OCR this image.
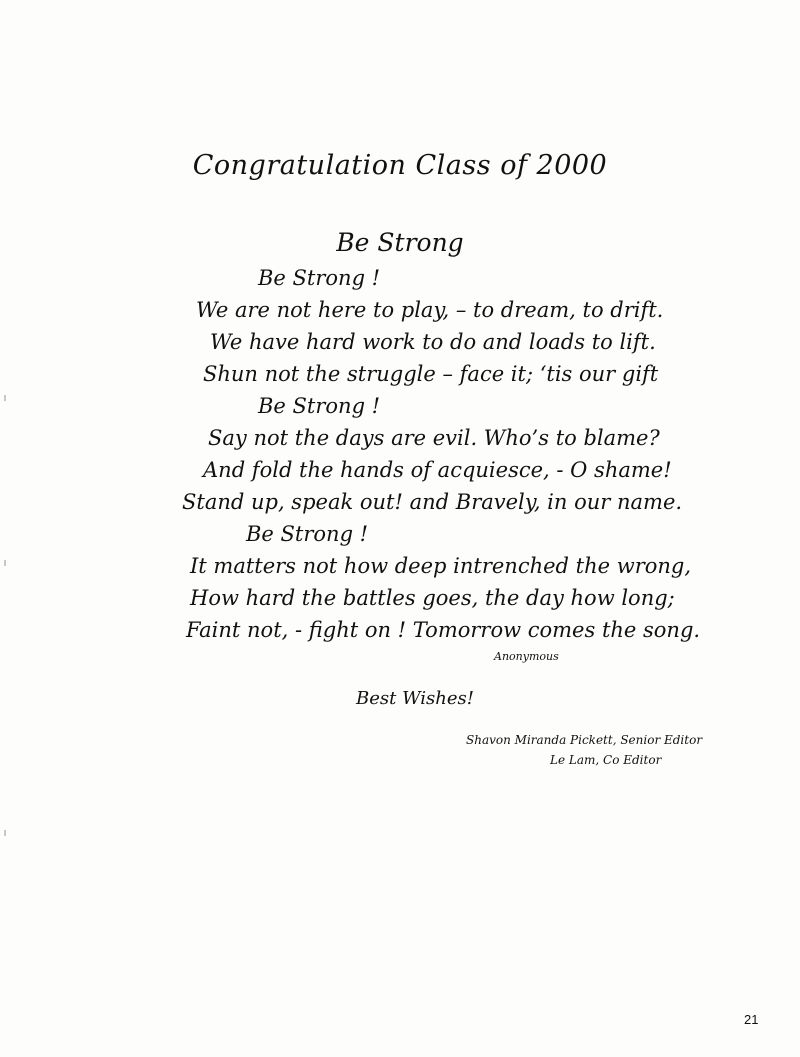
Congratulation Class of 2000
Be Strong
Be Strong !
We are not here to play, – to dream, to drift.
We have hard work to do and loads to lift.
Shun not the struggle – face it; ‘tis our gift
Be Strong !
Say not the days are evil. Who’s to blame?
And fold the hands of acquiesce, - O shame!
Stand up, speak out! and Bravely, in our name.
Be Strong !
It matters not how deep intrenched the wrong,
How hard the battles goes, the day how long;
Faint not, - fight on ! Tomorrow comes the song.
Anonymous
Best Wishes!
Shavon Miranda Pickett, Senior Editor
Le Lam, Co Editor
21
